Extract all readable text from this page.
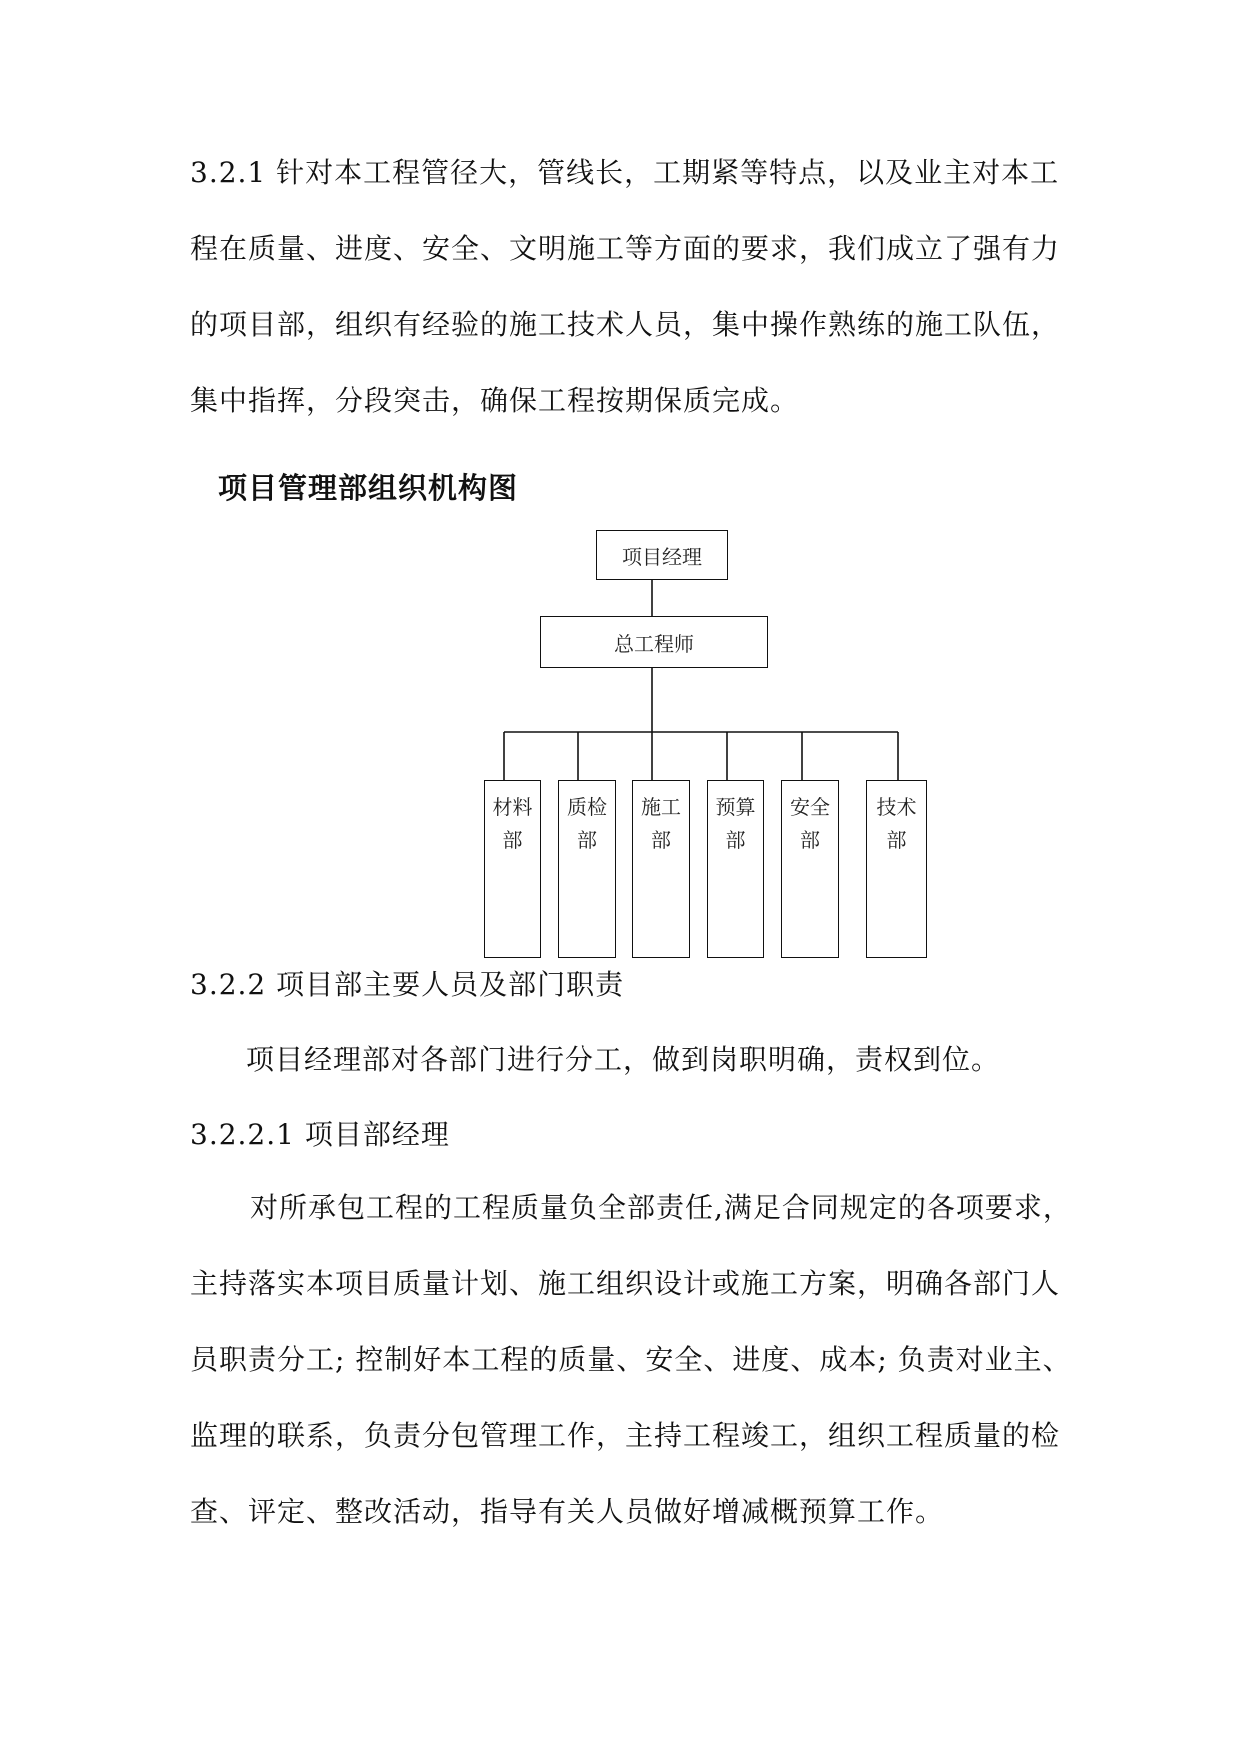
3.2.1 针对本工程管径大，管线长，工期紧等特点，以及业主对本工
程在质量、进度、安全、文明施工等方面的要求，我们成立了强有力
的项目部，组织有经验的施工技术人员，集中操作熟练的施工队伍，
集中指挥，分段突击，确保工程按期保质完成。
项目管理部组织机构图
项目经理
总工程师
材料部
质检部
施工部
预算部
安全部
技术部
3.2.2 项目部主要人员及部门职责
项目经理部对各部门进行分工，做到岗职明确，责权到位。
3.2.2.1 项目部经理
对所承包工程的工程质量负全部责任,满足合同规定的各项要求，
主持落实本项目质量计划、施工组织设计或施工方案，明确各部门人
员职责分工; 控制好本工程的质量、安全、进度、成本; 负责对业主、
监理的联系，负责分包管理工作，主持工程竣工，组织工程质量的检
查、评定、整改活动，指导有关人员做好增减概预算工作。
